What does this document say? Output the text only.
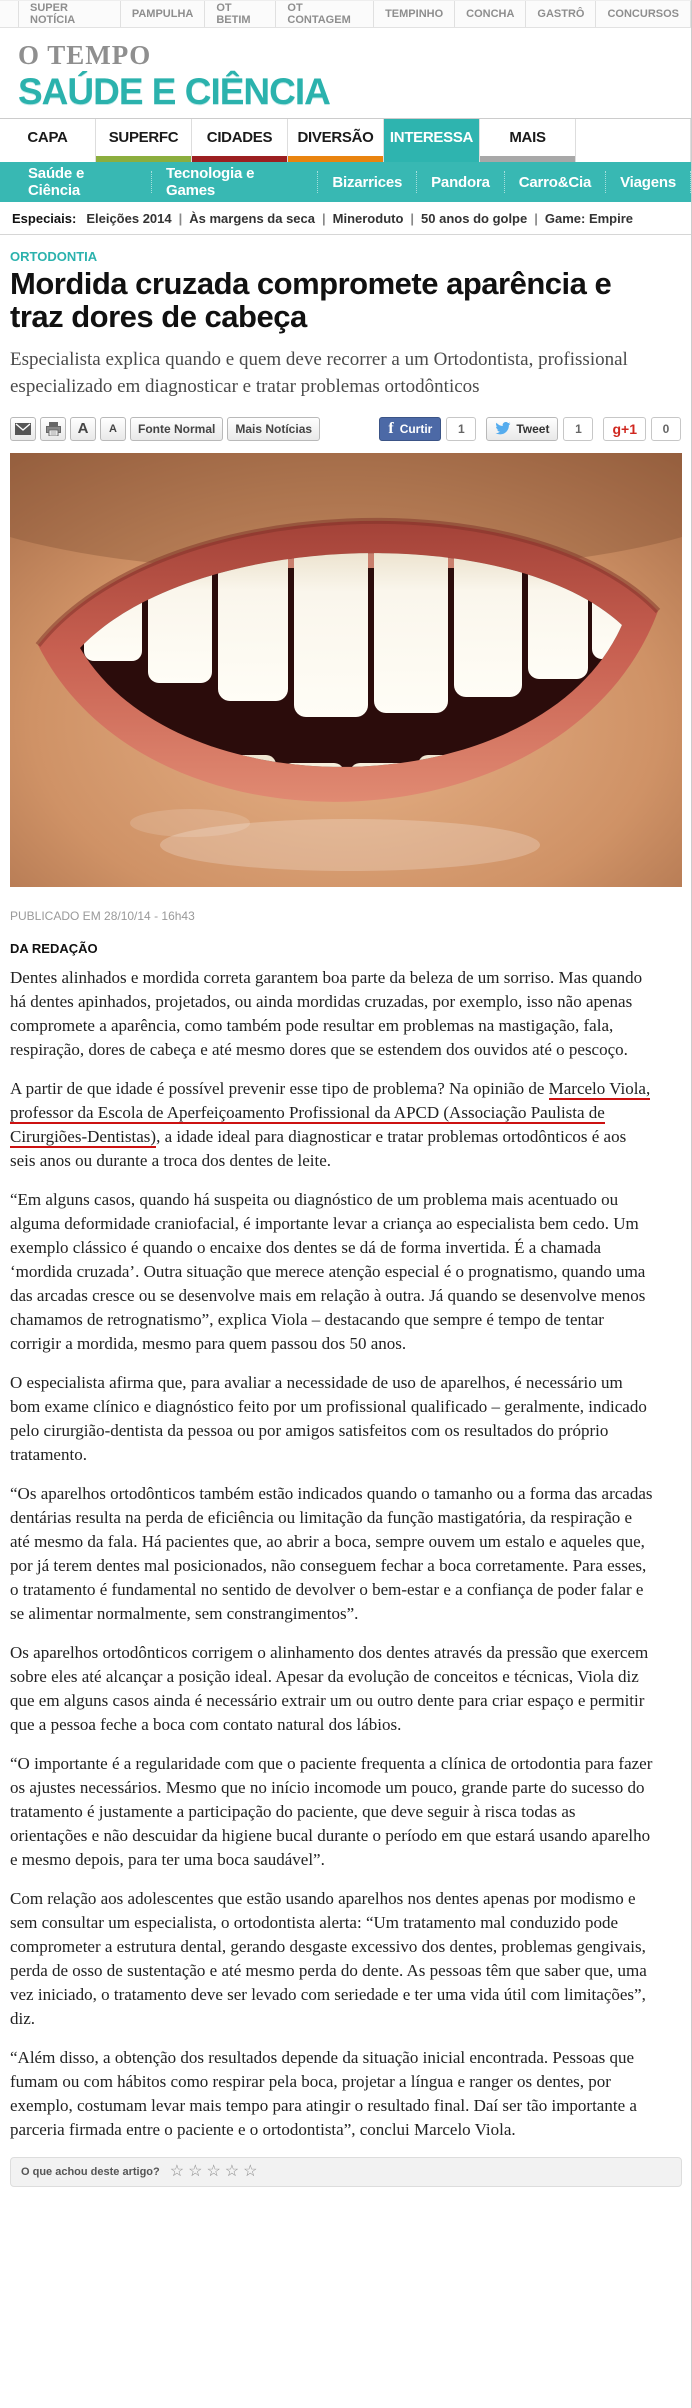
SUPER NOTÍCIA	PAMPULHA	OT BETIM
OT CONTAGEM	TEMPINHO	CONCHA	GASTRÔ	CONCURSOS
O TEMPO
SAÚDE E CIÊNCIA
CAPA	SUPERFC	CIDADES	DIVERSÃO	INTERESSA	MAIS
Saúde e Ciência
Tecnologia e Games	Bizarrices	Pandora	Carro&Cia	Viagens
Especiais: Eleições 2014 | Às margens da seca | Mineroduto | 50 anos do golpe | Game: Empire
ORTODONTIA
Mordida cruzada compromete aparência e traz dores de cabeça
Especialista explica quando e quem deve recorrer a um Ortodontista, profissional especializado em diagnosticar e tratar problemas ortodônticos
A A	Fonte Normal	Mais Notícias	f Curtir	1	Tweet	1	g+1	0
PUBLICADO EM 28/10/14 - 16h43
DA REDAÇÃO

Dentes alinhados e mordida correta garantem boa parte da beleza de um sorriso. Mas quando há dentes apinhados, projetados, ou ainda mordidas cruzadas, por exemplo, isso não apenas compromete a aparência, como também pode resultar em problemas na mastigação, fala, respiração, dores de cabeça e até mesmo dores que se estendem dos ouvidos até o pescoço.

A partir de que idade é possível prevenir esse tipo de problema? Na opinião de Marcelo Viola, professor da Escola de Aperfeiçoamento Profissional da APCD (Associação Paulista de Cirurgiões-Dentistas), a idade ideal para diagnosticar e tratar problemas ortodônticos é aos seis anos ou durante a troca dos dentes de leite.

“Em alguns casos, quando há suspeita ou diagnóstico de um problema mais acentuado ou alguma deformidade craniofacial, é importante levar a criança ao especialista bem cedo. Um exemplo clássico é quando o encaixe dos dentes se dá de forma invertida. É a chamada ‘mordida cruzada’. Outra situação que merece atenção especial é o prognatismo, quando uma das arcadas cresce ou se desenvolve mais em relação à outra. Já quando se desenvolve menos chamamos de retrognatismo”, explica Viola – destacando que sempre é tempo de tentar corrigir a mordida, mesmo para quem passou dos 50 anos.

O especialista afirma que, para avaliar a necessidade de uso de aparelhos, é necessário um bom exame clínico e diagnóstico feito por um profissional qualificado – geralmente, indicado pelo cirurgião-dentista da pessoa ou por amigos satisfeitos com os resultados do próprio tratamento.

“Os aparelhos ortodônticos também estão indicados quando o tamanho ou a forma das arcadas dentárias resulta na perda de eficiência ou limitação da função mastigatória, da respiração e até mesmo da fala. Há pacientes que, ao abrir a boca, sempre ouvem um estalo e aqueles que, por já terem dentes mal posicionados, não conseguem fechar a boca corretamente. Para esses, o tratamento é fundamental no sentido de devolver o bem-estar e a confiança de poder falar e se alimentar normalmente, sem constrangimentos”.

Os aparelhos ortodônticos corrigem o alinhamento dos dentes através da pressão que exercem sobre eles até alcançar a posição ideal. Apesar da evolução de conceitos e técnicas, Viola diz que em alguns casos ainda é necessário extrair um ou outro dente para criar espaço e permitir que a pessoa feche a boca com contato natural dos lábios.

“O importante é a regularidade com que o paciente frequenta a clínica de ortodontia para fazer os ajustes necessários. Mesmo que no início incomode um pouco, grande parte do sucesso do tratamento é justamente a participação do paciente, que deve seguir à risca todas as orientações e não descuidar da higiene bucal durante o período em que estará usando aparelho e mesmo depois, para ter uma boca saudável”.

Com relação aos adolescentes que estão usando aparelhos nos dentes apenas por modismo e sem consultar um especialista, o ortodontista alerta: “Um tratamento mal conduzido pode comprometer a estrutura dental, gerando desgaste excessivo dos dentes, problemas gengivais, perda de osso de sustentação e até mesmo perda do dente. As pessoas têm que saber que, uma vez iniciado, o tratamento deve ser levado com seriedade e ter uma vida útil com limitações”, diz.

“Além disso, a obtenção dos resultados depende da situação inicial encontrada. Pessoas que fumam ou com hábitos como respirar pela boca, projetar a língua e ranger os dentes, por exemplo, costumam levar mais tempo para atingir o resultado final. Daí ser tão importante a parceria firmada entre o paciente e o ortodontista”, conclui Marcelo Viola.

O que achou deste artigo? ☆ ☆ ☆ ☆ ☆
